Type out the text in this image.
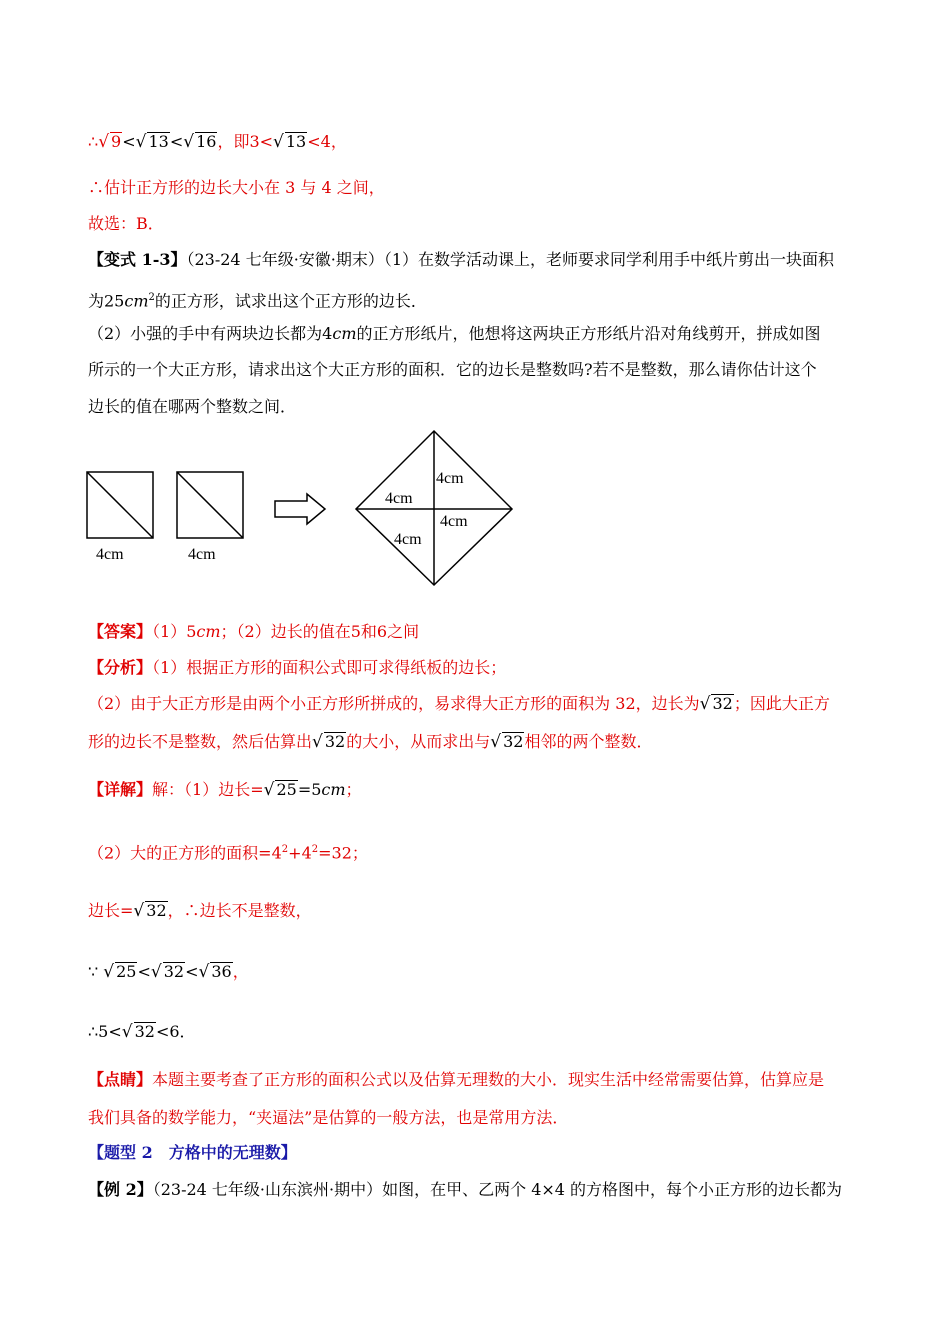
∴√ 9<√ 13<√ 16，即3<√ 13<4，
∴估计正方形的边长大小在 3 与 4 之间，
故选：B．
【变式 1-3】（23-24 七年级·安徽·期末）（1）在数学活动课上，老师要求同学利用手中纸片剪出一块面积
为$25cm^2$的正方形，试求出这个正方形的边长．
（2）小强的手中有两块边长都为4cm的正方形纸片，他想将这两块正方形纸片沿对角线剪开，拼成如图
所示的一个大正方形，请求出这个大正方形的面积．它的边长是整数吗?若不是整数，那么请你估计这个
边长的值在哪两个整数之间．
4cm	4cm
4cm
4cm
4cm
4cm
【答案】（1）5cm；（2）边长的值在5和6之间
【分析】（1）根据正方形的面积公式即可求得纸板的边长；
（2）由于大正方形是由两个小正方形所拼成的，易求得大正方形的面积为 32，边长为√ 32；因此大正方
形的边长不是整数，然后估算出√ 32的大小，从而求出与√ 32相邻的两个整数．
【详解】解：（1）边长=√ 25=5cm；
（2）大的正方形的面积$=4^2+4^2=32$；
边长=√ 32，∴边长不是整数，
∵ √ 25<√ 32<√ 36，
∴5<√ 32<6．
【点睛】本题主要考查了正方形的面积公式以及估算无理数的大小．现实生活中经常需要估算，估算应是
我们具备的数学能力，“夹逼法”是估算的一般方法，也是常用方法．
【题型 2　方格中的无理数】
【例 2】（23-24 七年级·山东滨州·期中）如图，在甲、乙两个 4×4 的方格图中，每个小正方形的边长都为
